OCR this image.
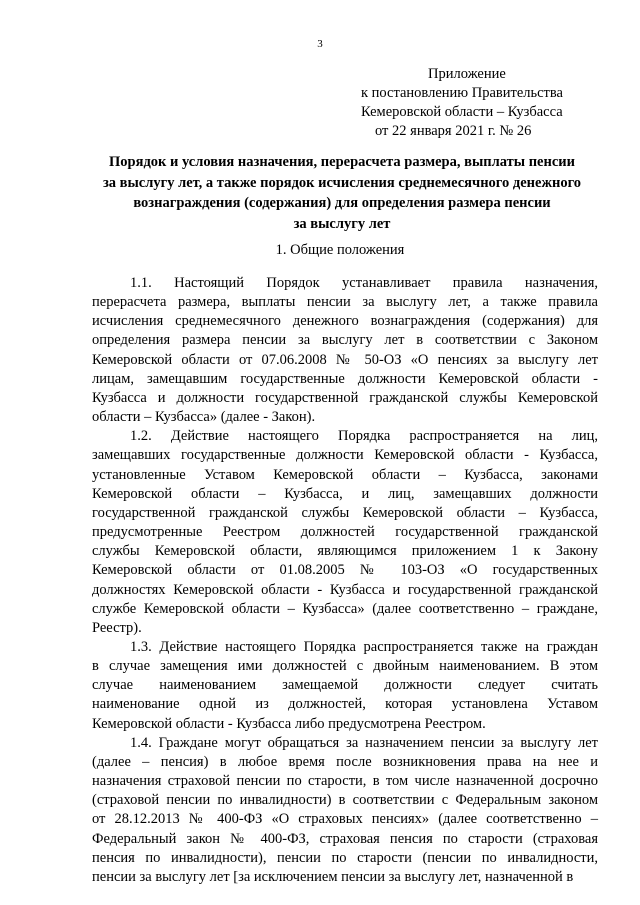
3
Приложение
к постановлению Правительства
Кемеровской области – Кузбасса
от 22 января 2021 г. № 26
Порядок и условия назначения, перерасчета размера, выплаты пенсии
за выслугу лет, а также порядок исчисления среднемесячного денежного
вознаграждения (содержания) для определения размера пенсии
за выслугу лет
1. Общие положения
1.1. Настоящий Порядок устанавливает правила назначения,
перерасчета размера, выплаты пенсии за выслугу лет, а также правила
исчисления среднемесячного денежного вознаграждения (содержания) для
определения размера пенсии за выслугу лет в соответствии с Законом
Кемеровской области от 07.06.2008 № 50-ОЗ «О пенсиях за выслугу лет
лицам, замещавшим государственные должности Кемеровской области -
Кузбасса и должности государственной гражданской службы Кемеровской
области – Кузбасса» (далее - Закон).
1.2. Действие настоящего Порядка распространяется на лиц,
замещавших государственные должности Кемеровской области - Кузбасса,
установленные Уставом Кемеровской области – Кузбасса, законами
Кемеровской области – Кузбасса, и лиц, замещавших должности
государственной гражданской службы Кемеровской области – Кузбасса,
предусмотренные Реестром должностей государственной гражданской
службы Кемеровской области, являющимся приложением 1 к Закону
Кемеровской области от 01.08.2005 № 103-ОЗ «О государственных
должностях Кемеровской области - Кузбасса и государственной гражданской
службе Кемеровской области – Кузбасса» (далее соответственно – граждане,
Реестр).
1.3. Действие настоящего Порядка распространяется также на граждан
в случае замещения ими должностей с двойным наименованием. В этом
случае наименованием замещаемой должности следует считать
наименование одной из должностей, которая установлена Уставом
Кемеровской области - Кузбасса либо предусмотрена Реестром.
1.4. Граждане могут обращаться за назначением пенсии за выслугу лет
(далее – пенсия) в любое время после возникновения права на нее и
назначения страховой пенсии по старости, в том числе назначенной досрочно
(страховой пенсии по инвалидности) в соответствии с Федеральным законом
от 28.12.2013 № 400-ФЗ «О страховых пенсиях» (далее соответственно –
Федеральный закон № 400-ФЗ, страховая пенсия по старости (страховая
пенсия по инвалидности), пенсии по старости (пенсии по инвалидности,
пенсии за выслугу лет [за исключением пенсии за выслугу лет, назначенной в
